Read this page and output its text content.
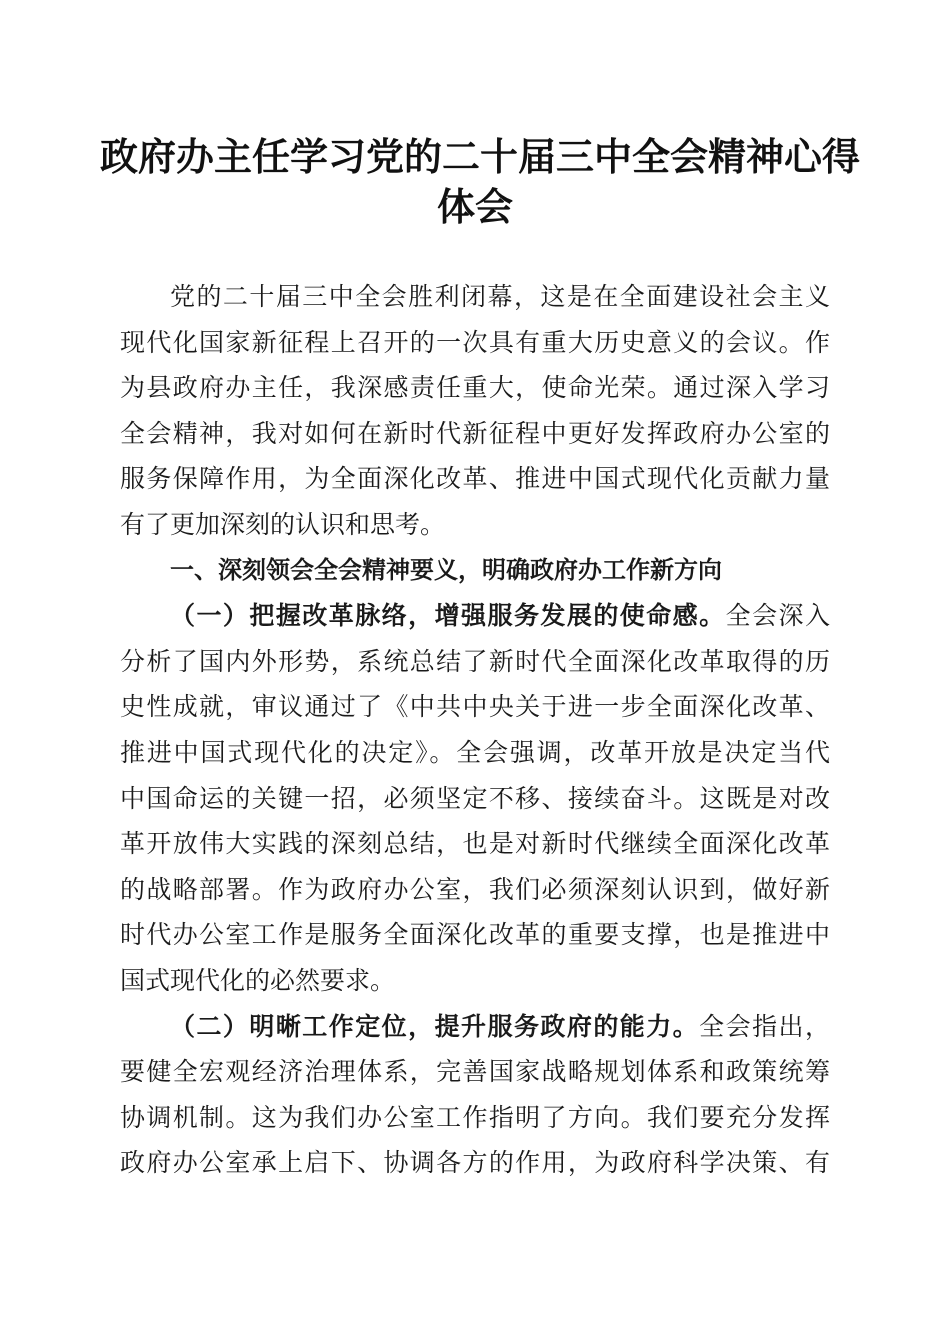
政府办主任学习党的二十届三中全会精神心得
体会
党的二十届三中全会胜利闭幕，这是在全面建设社会主义
现代化国家新征程上召开的一次具有重大历史意义的会议。作
为县政府办主任，我深感责任重大，使命光荣。通过深入学习
全会精神，我对如何在新时代新征程中更好发挥政府办公室的
服务保障作用，为全面深化改革、推进中国式现代化贡献力量
有了更加深刻的认识和思考。
一、深刻领会全会精神要义，明确政府办工作新方向
（一）把握改革脉络，增强服务发展的使命感。全会深入
分析了国内外形势，系统总结了新时代全面深化改革取得的历
史性成就，审议通过了《中共中央关于进一步全面深化改革、
推进中国式现代化的决定》。全会强调，改革开放是决定当代
中国命运的关键一招，必须坚定不移、接续奋斗。这既是对改
革开放伟大实践的深刻总结，也是对新时代继续全面深化改革
的战略部署。作为政府办公室，我们必须深刻认识到，做好新
时代办公室工作是服务全面深化改革的重要支撑，也是推进中
国式现代化的必然要求。
（二）明晰工作定位，提升服务政府的能力。全会指出，
要健全宏观经济治理体系，完善国家战略规划体系和政策统筹
协调机制。这为我们办公室工作指明了方向。我们要充分发挥
政府办公室承上启下、协调各方的作用，为政府科学决策、有
